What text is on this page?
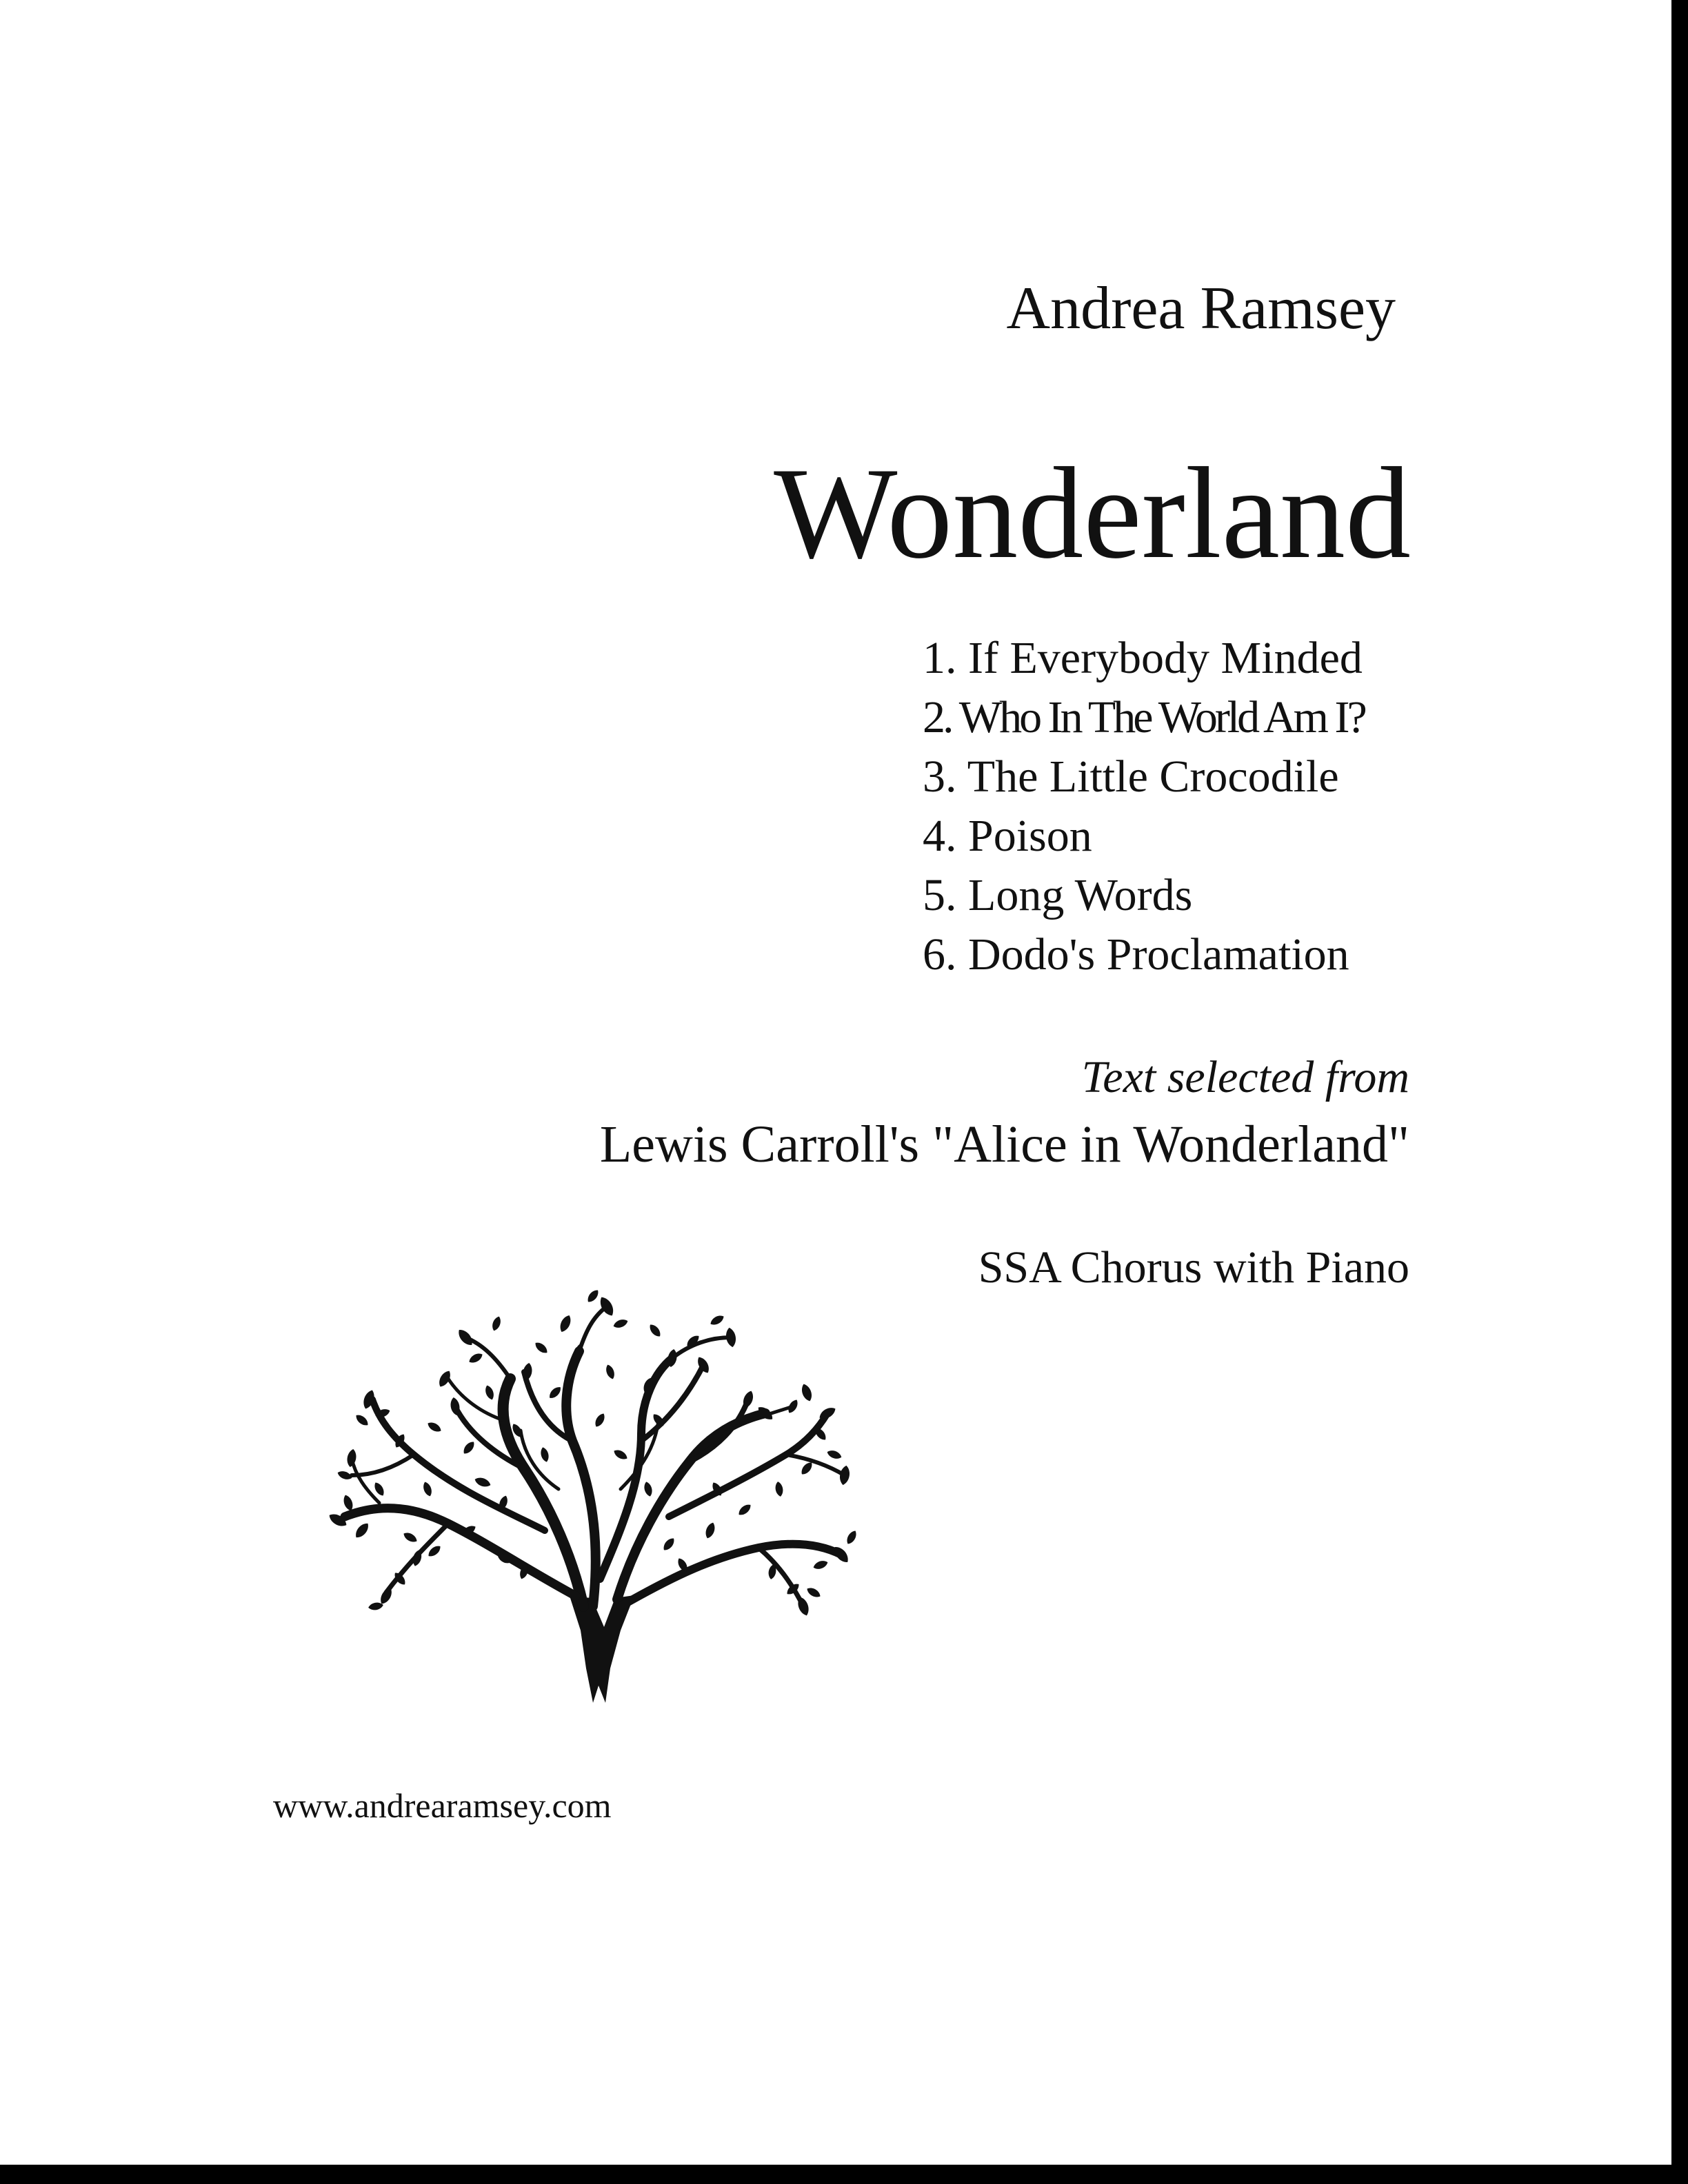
Andrea Ramsey
Wonderland
1. If Everybody Minded
2. Who In The World Am I?
3. The Little Crocodile
4. Poison
5. Long Words
6. Dodo's Proclamation
Text selected from
Lewis Carroll's "Alice in Wonderland"
SSA Chorus with Piano
www.andrearamsey.com
